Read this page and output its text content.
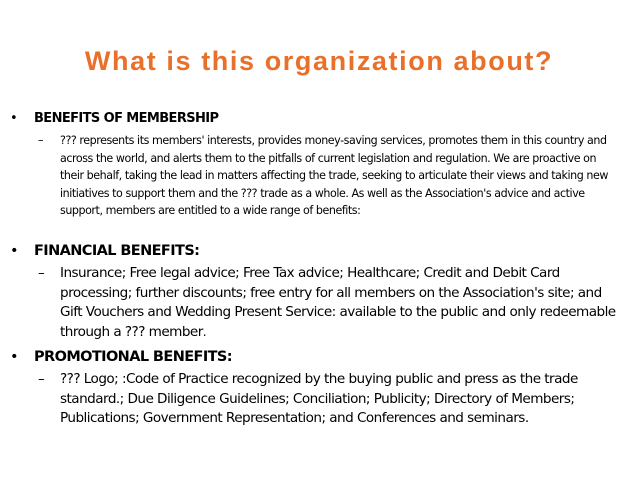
What is this organization about?
• BENEFITS OF MEMBERSHIP
– ??? represents its members' interests, provides money-saving services, promotes them in this country and across the world, and alerts them to the pitfalls of current legislation and regulation. We are proactive on their behalf, taking the lead in matters affecting the trade, seeking to articulate their views and taking new initiatives to support them and the ??? trade as a whole. As well as the Association's advice and active support, members are entitled to a wide range of benefits:
• FINANCIAL BENEFITS:
– Insurance; Free legal advice; Free Tax advice; Healthcare; Credit and Debit Card processing; further discounts; free entry for all members on the Association's site; and Gift Vouchers and Wedding Present Service: available to the public and only redeemable through a ??? member.
• PROMOTIONAL BENEFITS:
– ??? Logo; :Code of Practice recognized by the buying public and press as the trade standard.; Due Diligence Guidelines; Conciliation; Publicity; Directory of Members; Publications; Government Representation; and Conferences and seminars.
